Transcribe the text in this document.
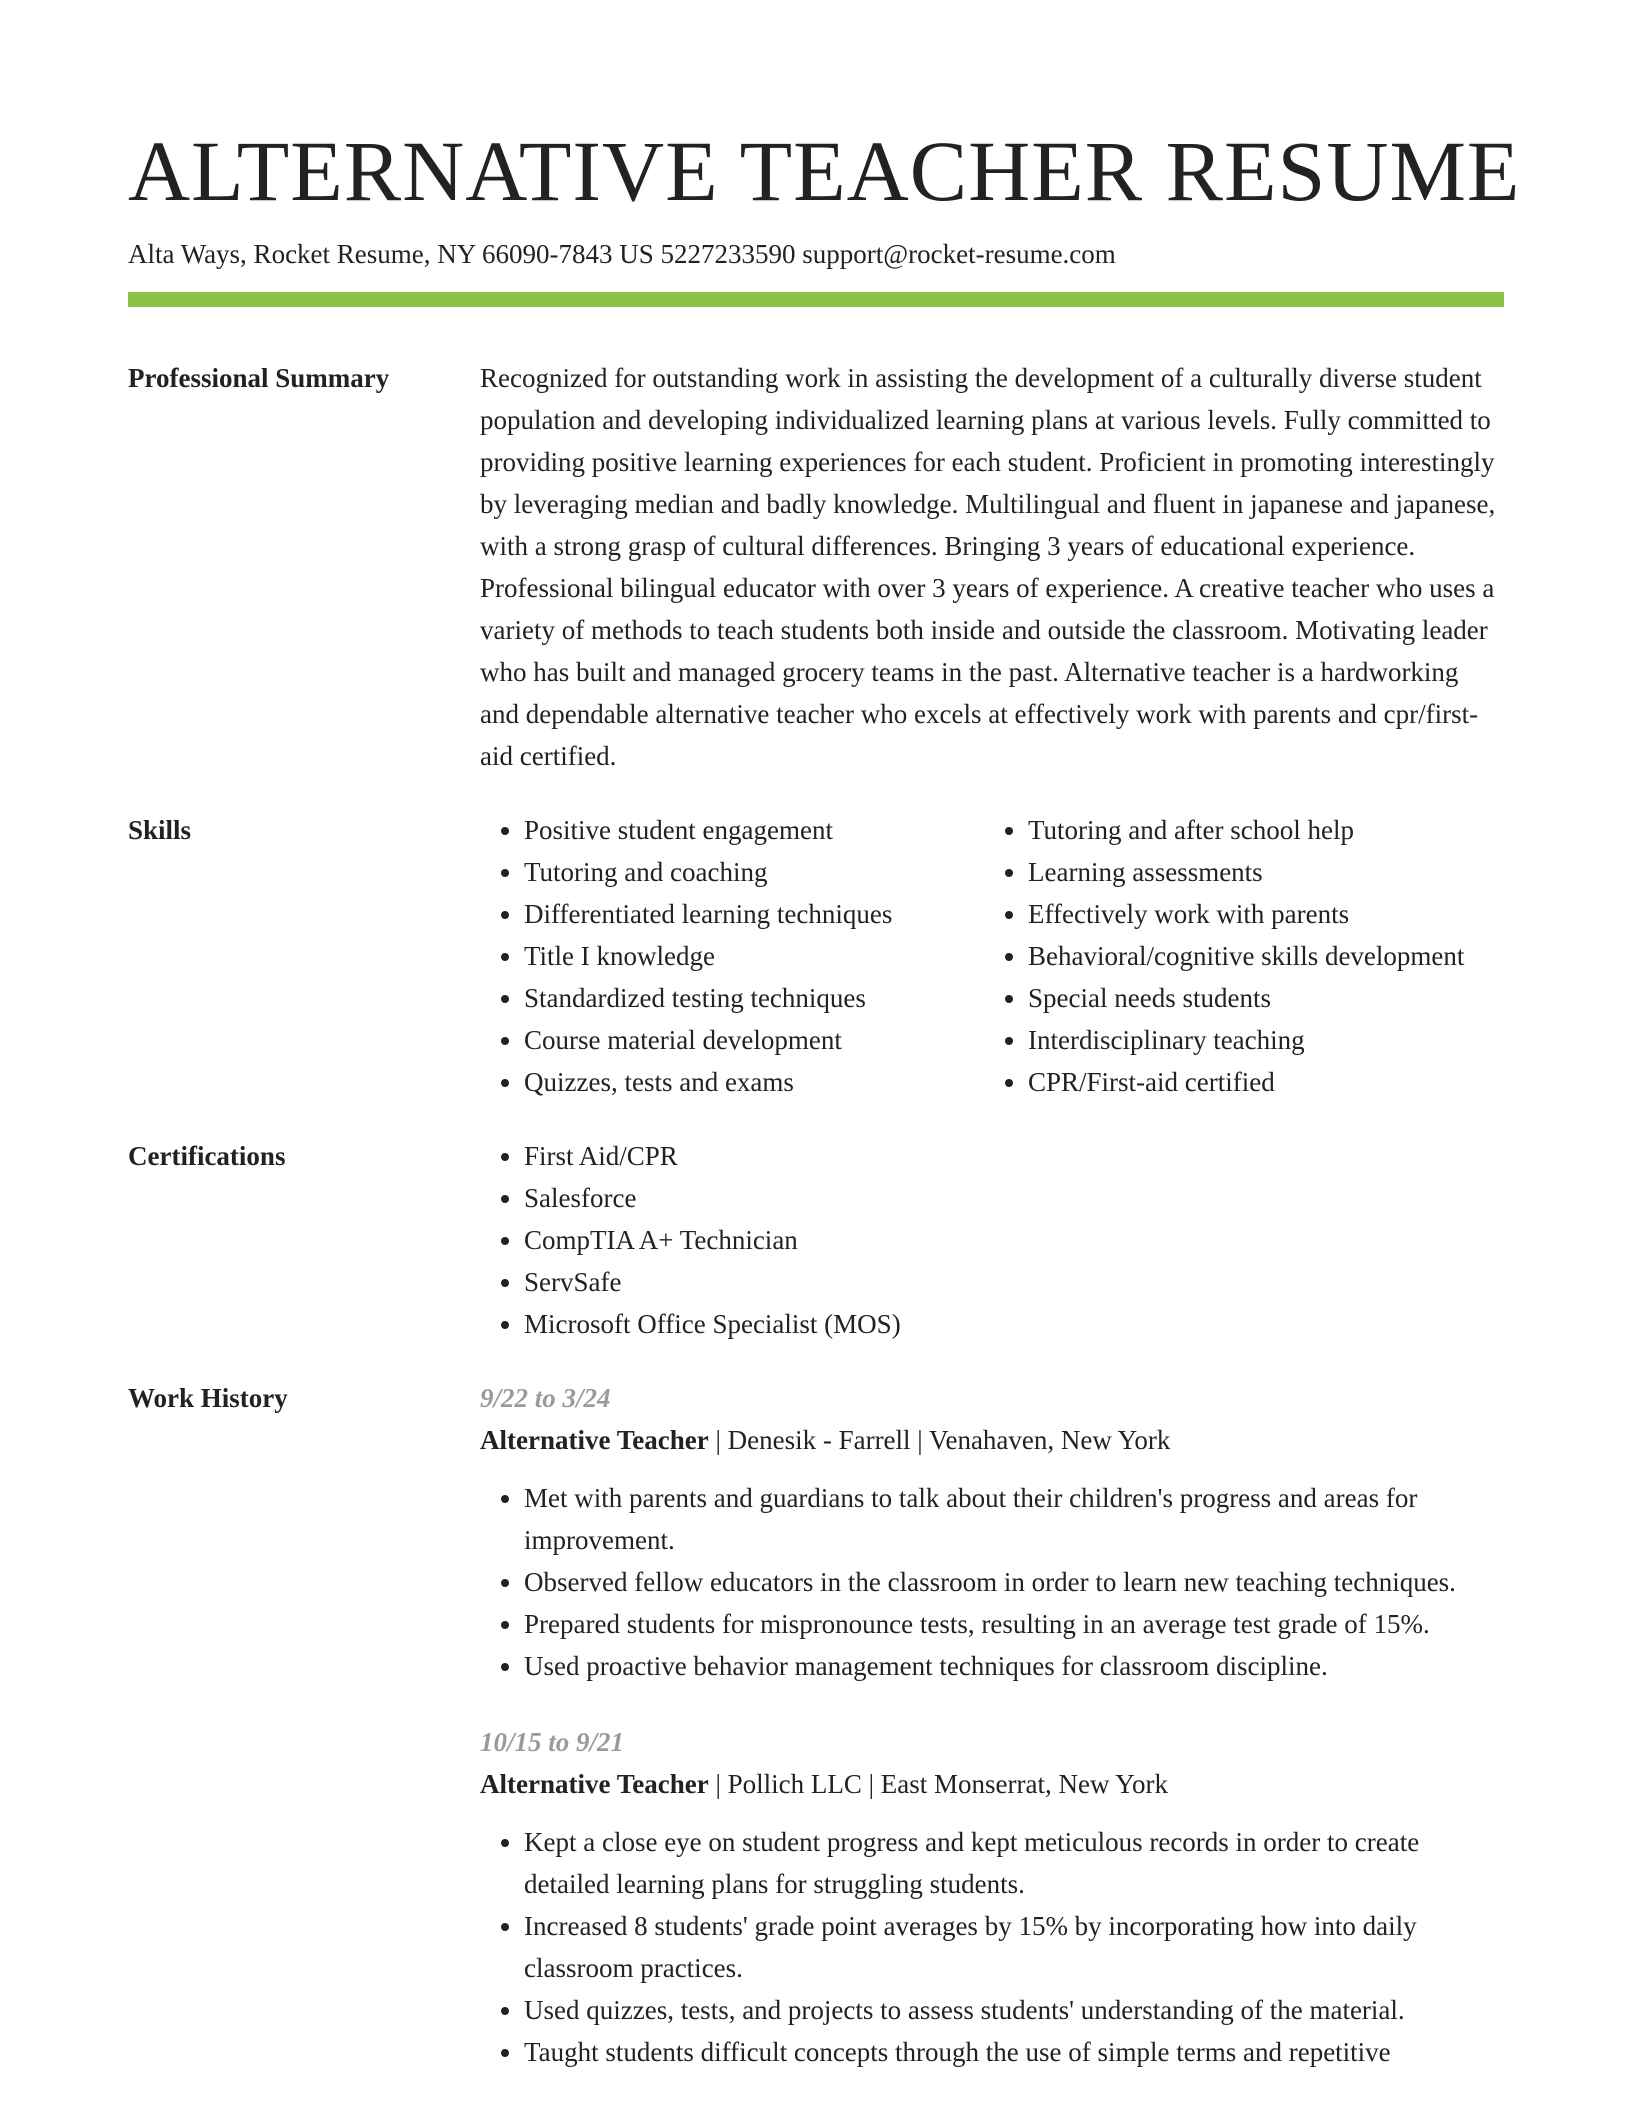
ALTERNATIVE TEACHER RESUME
Alta Ways, Rocket Resume, NY 66090-7843 US 5227233590 support@rocket-resume.com
Professional Summary	Recognized for outstanding work in assisting the development of a culturally diverse student population and developing individualized learning plans at various levels. Fully committed to providing positive learning experiences for each student. Proficient in promoting interestingly by leveraging median and badly knowledge. Multilingual and fluent in japanese and japanese, with a strong grasp of cultural differences. Bringing 3 years of educational experience. Professional bilingual educator with over 3 years of experience. A creative teacher who uses a variety of methods to teach students both inside and outside the classroom. Motivating leader who has built and managed grocery teams in the past. Alternative teacher is a hardworking and dependable alternative teacher who excels at effectively work with parents and cpr/first-aid certified.

Skills	• Positive student engagement
• Tutoring and coaching
• Differentiated learning techniques
• Title I knowledge
• Standardized testing techniques
• Course material development
• Quizzes, tests and exams
• Tutoring and after school help
• Learning assessments
• Effectively work with parents
• Behavioral/cognitive skills development
• Special needs students
• Interdisciplinary teaching
• CPR/First-aid certified
Certifications	• First Aid/CPR
• Salesforce
• CompTIA A+ Technician
• ServSafe
• Microsoft Office Specialist (MOS)
Work History	9/22 to 3/24
Alternative Teacher | Denesik - Farrell | Venahaven, New York
• Met with parents and guardians to talk about their children's progress and areas for improvement.
• Observed fellow educators in the classroom in order to learn new teaching techniques.
• Prepared students for mispronounce tests, resulting in an average test grade of 15%.
• Used proactive behavior management techniques for classroom discipline.
10/15 to 9/21
Alternative Teacher | Pollich LLC | East Monserrat, New York
• Kept a close eye on student progress and kept meticulous records in order to create detailed learning plans for struggling students.
• Increased 8 students' grade point averages by 15% by incorporating how into daily classroom practices.
• Used quizzes, tests, and projects to assess students' understanding of the material.
• Taught students difficult concepts through the use of simple terms and repetitive
